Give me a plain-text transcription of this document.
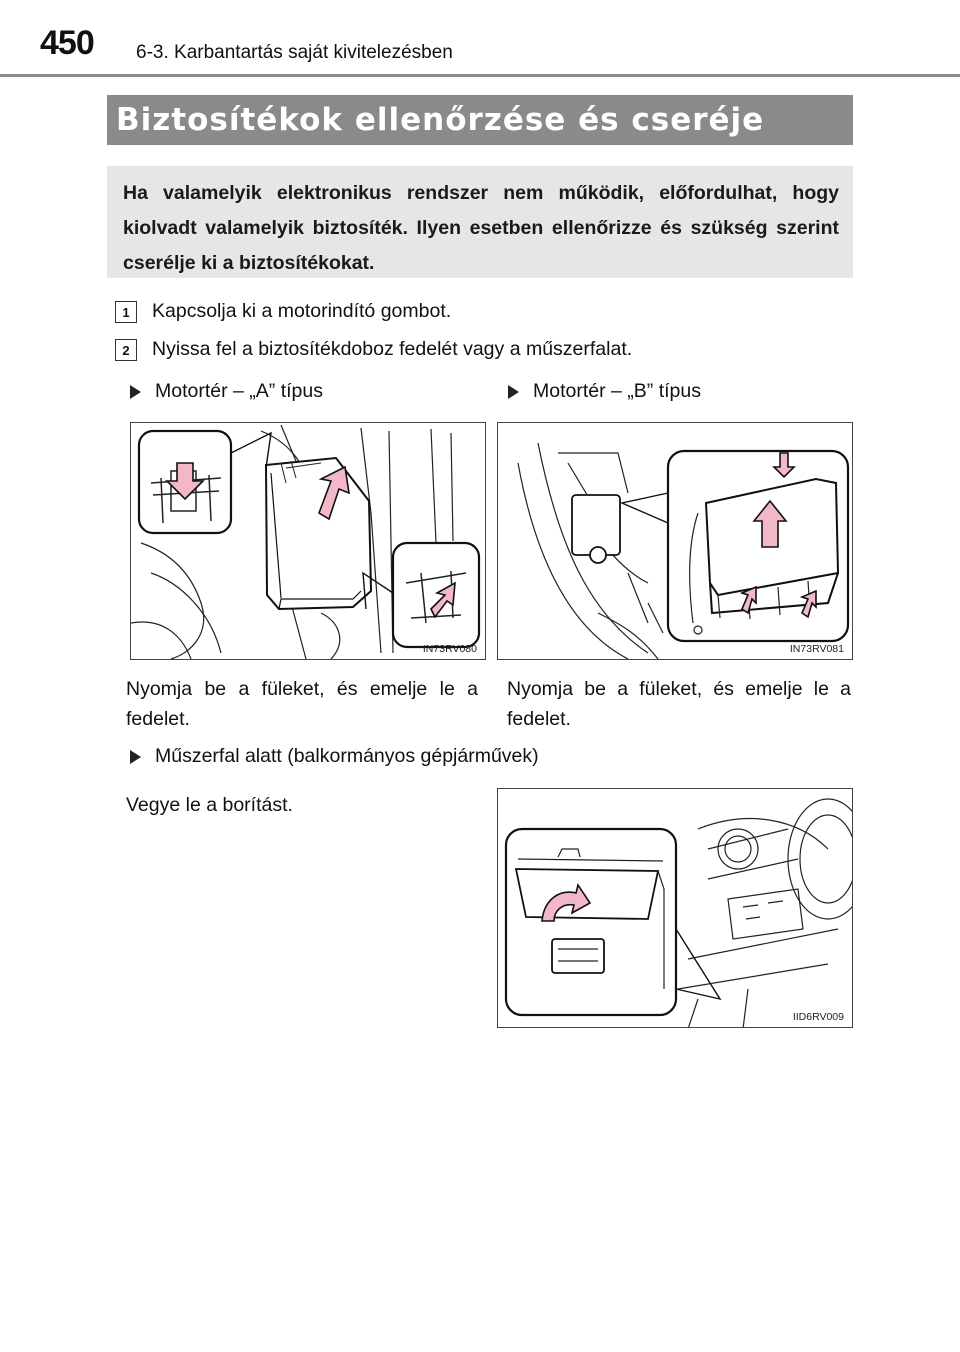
450 6-3. Karbantartás saját kivitelezésben
Biztosítékok ellenőrzése és cseréje

Ha valamelyik elektronikus rendszer nem működik, előfordulhat, hogy kiolvadt valamelyik biztosíték. Ilyen esetben ellenőrizze és szükség szerint cserélje ki a biztosítékokat.

1	Kapcsolja ki a motorindító gombot.
2	Nyissa fel a biztosítékdoboz fedelét vagy a műszerfalat.
Motortér – „A” típus	Motortér – „B” típus
IN73RV080	IN73RV081
Nyomja be a füleket, és emelje le a fedelet.
Nyomja be a füleket, és emelje le a fedelet.
Műszerfal alatt (balkormányos gépjárművek)
Vegye le a borítást.
IID6RV009
